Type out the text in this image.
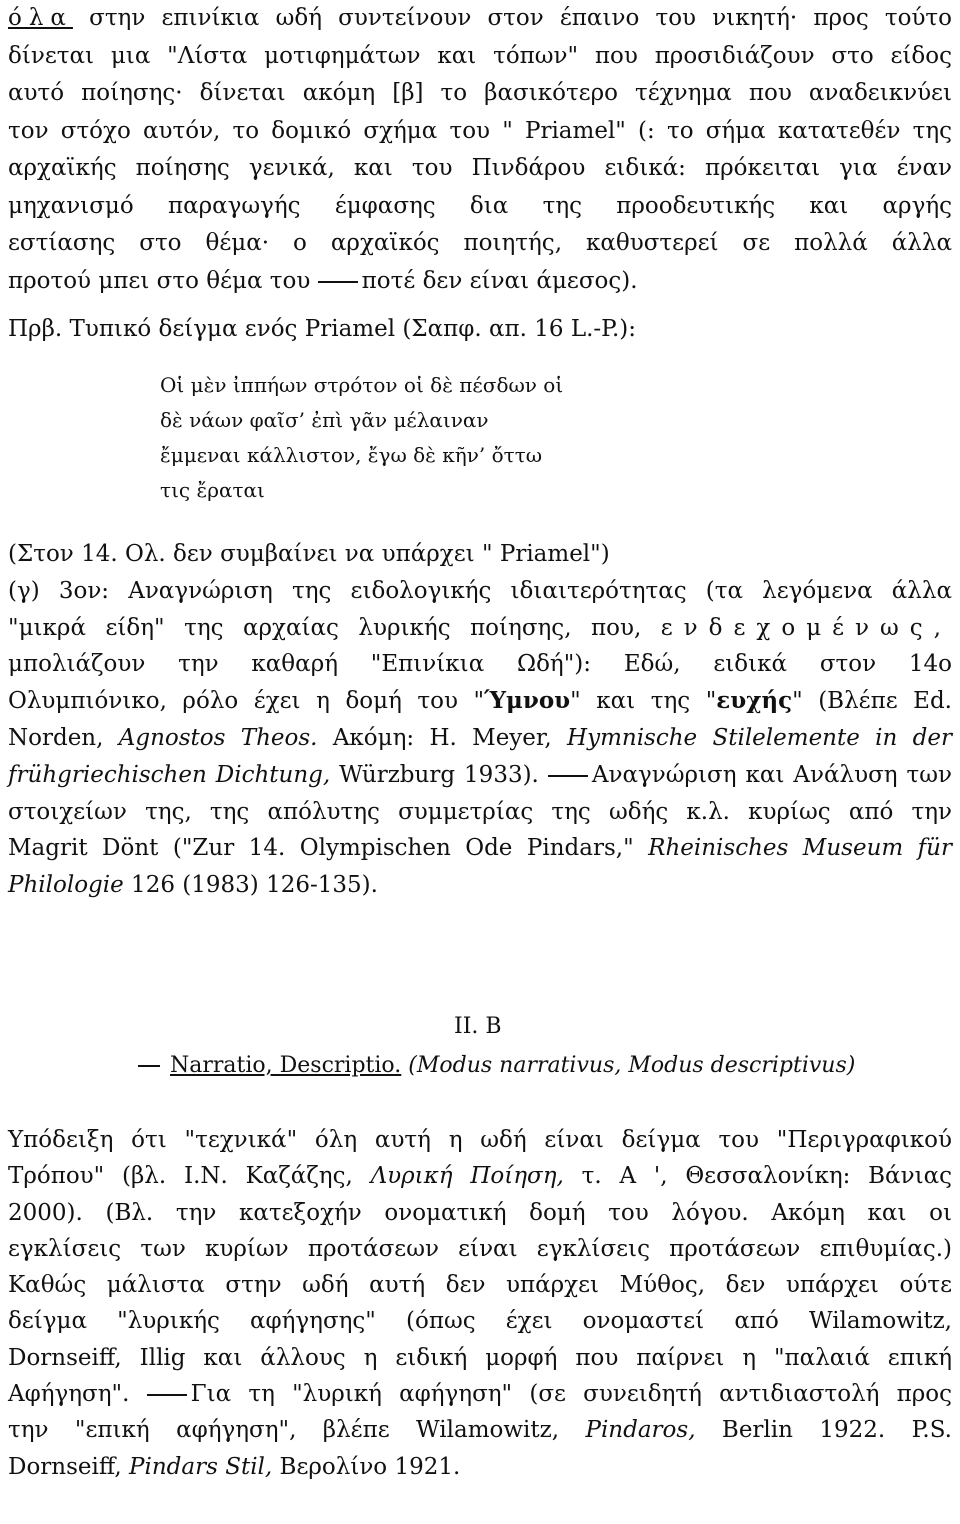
όλα στην επινίκια ωδή συντείνουν στον έπαινο του νικητή· προς τούτο
δίνεται μια "Λίστα μοτιφημάτων και τόπων" που προσιδιάζουν στο είδος
αυτό ποίησης· δίνεται ακόμη [β] το βασικότερο τέχνημα που αναδεικνύει
τον στόχο αυτόν, το δομικό σχήμα του " Priamel" (: το σήμα κατατεθέν της
αρχαϊκής ποίησης γενικά, και του Πινδάρου ειδικά: πρόκειται για έναν
μηχανισμό παραγωγής έμφασης δια της προοδευτικής και αργής
εστίασης στο θέμα· ο αρχαϊκός ποιητής, καθυστερεί σε πολλά άλλα
προτού μπει στο θέμα του ποτέ δεν είναι άμεσος).
Πρβ. Τυπικό δείγμα ενός Priamel (Σαπφ. απ. 16 L.-P.):
Οἱ μὲν ἰππήων στρότον οἱ δὲ πέσδων οἱ
δὲ νάων φαῖσ’ ἐπὶ γᾶν μέλαιναν
ἔμμεναι κάλλιστον, ἔγω δὲ κῆν’ ὄττω
τις ἔραται
(Στον 14. Ολ. δεν συμβαίνει να υπάρχει " Priamel")
(γ) 3ον: Αναγνώριση της ειδολογικής ιδιαιτερότητας (τα λεγόμενα άλλα
"μικρά είδη" της αρχαίας λυρικής ποίησης, που, ενδεχομένως,
μπολιάζουν την καθαρή "Επινίκια Ωδή"): Εδώ, ειδικά στον 14ο
Ολυμπιόνικο, ρόλο έχει η δομή του "Ύμνου" και της "ευχής" (Βλέπε Ed.
Norden, Agnostos Theos. Ακόμη: H. Meyer, Hymnische Stilelemente in der
frühgriechischen Dichtung, Würzburg 1933). Αναγνώριση και Ανάλυση των
στοιχείων της, της απόλυτης συμμετρίας της ωδής κ.λ. κυρίως από την
Magrit Dönt ("Zur 14. Olympischen Ode Pindars," Rheinisches Museum für
Philologie 126 (1983) 126-135).
II. B
Narratio, Descriptio. (Modus narrativus, Modus descriptivus)
Υπόδειξη ότι "τεχνικά" όλη αυτή η ωδή είναι δείγμα του "Περιγραφικού
Τρόπου" (βλ. Ι.Ν. Καζάζης, Λυρική Ποίηση, τ. Α ', Θεσσαλονίκη: Βάνιας
2000). (Βλ. την κατεξοχήν ονοματική δομή του λόγου. Ακόμη και οι
εγκλίσεις των κυρίων προτάσεων είναι εγκλίσεις προτάσεων επιθυμίας.)
Καθώς μάλιστα στην ωδή αυτή δεν υπάρχει Μύθος, δεν υπάρχει ούτε
δείγμα "λυρικής αφήγησης" (όπως έχει ονομαστεί από Wilamowitz,
Dornseiff, Illig και άλλους η ειδική μορφή που παίρνει η "παλαιά επική
Αφήγηση". Για τη "λυρική αφήγηση" (σε συνειδητή αντιδιαστολή προς
την "επική αφήγηση", βλέπε Wilamowitz, Pindaros, Berlin 1922. P.S.
Dornseiff, Pindars Stil, Βερολίνο 1921.
